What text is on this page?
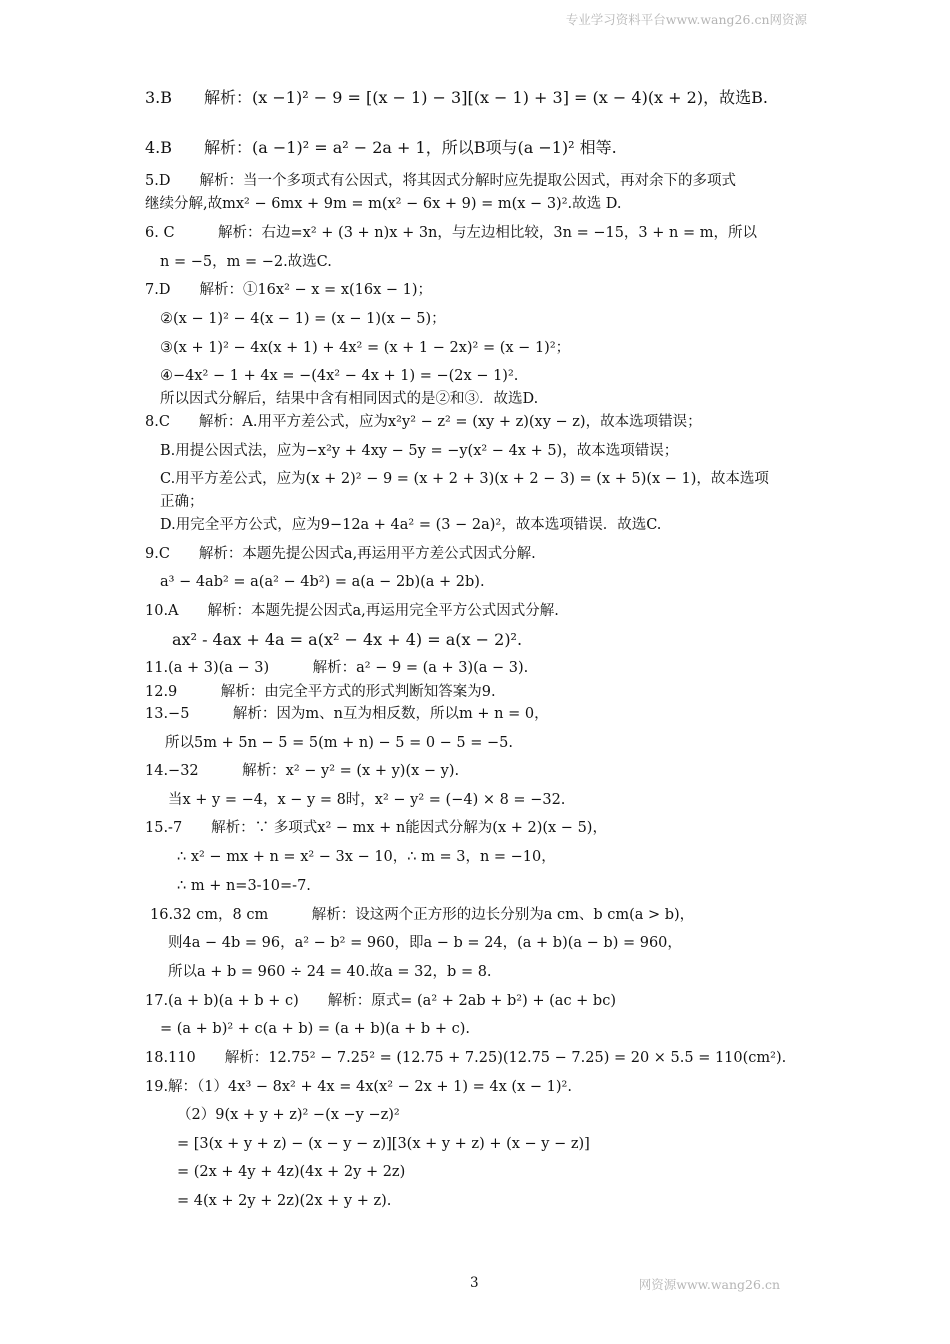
专业学习资料平台www.wang26.cn网资源
3.B　　解析：(x −1)² − 9 = [(x − 1) − 3][(x − 1) + 3] = (x − 4)(x + 2)，故选B.
4.B　　解析：(a −1)² = a² − 2a + 1，所以B项与(a −1)² 相等.
5.D　　解析：当一个多项式有公因式，将其因式分解时应先提取公因式，再对余下的多项式
继续分解,故mx² − 6mx + 9m = m(x² − 6x + 9) = m(x − 3)².故选 D.
6. C　　　解析：右边=x² + (3 + n)x + 3n，与左边相比较，3n = −15，3 + n = m，所以
n = −5，m = −2.故选C.
7.D　　解析：①16x² − x = x(16x − 1)；
②(x − 1)² − 4(x − 1) = (x − 1)(x − 5)；
③(x + 1)² − 4x(x + 1) + 4x² = (x + 1 − 2x)² = (x − 1)²；
④−4x² − 1 + 4x = −(4x² − 4x + 1) = −(2x − 1)².
所以因式分解后，结果中含有相同因式的是②和③．故选D.
8.C　　解析：A.用平方差公式，应为x²y² − z² = (xy + z)(xy − z)，故本选项错误；
B.用提公因式法，应为−x²y + 4xy − 5y = −y(x² − 4x + 5)，故本选项错误；
C.用平方差公式，应为(x + 2)² − 9 = (x + 2 + 3)(x + 2 − 3) = (x + 5)(x − 1)，故本选项
正确；
D.用完全平方公式，应为9−12a + 4a² = (3 − 2a)²，故本选项错误．故选C.
9.C　　解析：本题先提公因式a,再运用平方差公式因式分解.
a³ − 4ab² = a(a² − 4b²) = a(a − 2b)(a + 2b).
10.A　　解析：本题先提公因式a,再运用完全平方公式因式分解.
ax² - 4ax + 4a = a(x² − 4x + 4) = a(x − 2)².
11.(a + 3)(a − 3)　　　解析：a² − 9 = (a + 3)(a − 3).
12.9　　　解析：由完全平方式的形式判断知答案为9.
13.−5　　　解析：因为m、n互为相反数，所以m + n = 0，
所以5m + 5n − 5 = 5(m + n) − 5 = 0 − 5 = −5.
14.−32　　　解析：x² − y² = (x + y)(x − y).
当x + y = −4，x − y = 8时，x² − y² = (−4) × 8 = −32.
15.-7　　解析：∵ 多项式x² − mx + n能因式分解为(x + 2)(x − 5)，
∴ x² − mx + n = x² − 3x − 10，∴ m = 3，n = −10，
∴ m + n=3-10=-7.
16.32 cm，8 cm　　　解析：设这两个正方形的边长分别为a cm、b cm(a > b)，
则4a − 4b = 96，a² − b² = 960，即a − b = 24，(a + b)(a − b) = 960，
所以a + b = 960 ÷ 24 = 40.故a = 32，b = 8.
17.(a + b)(a + b + c)　　解析：原式= (a² + 2ab + b²) + (ac + bc)
= (a + b)² + c(a + b) = (a + b)(a + b + c).
18.110　　解析：12.75² − 7.25² = (12.75 + 7.25)(12.75 − 7.25) = 20 × 5.5 = 110(cm²).
19.解：（1）4x³ − 8x² + 4x = 4x(x² − 2x + 1) = 4x (x − 1)².
（2）9(x + y + z)² −(x −y −z)²
= [3(x + y + z) − (x − y − z)][3(x + y + z) + (x − y − z)]
= (2x + 4y + 4z)(4x + 2y + 2z)
= 4(x + 2y + 2z)(2x + y + z).
3	网资源www.wang26.cn
